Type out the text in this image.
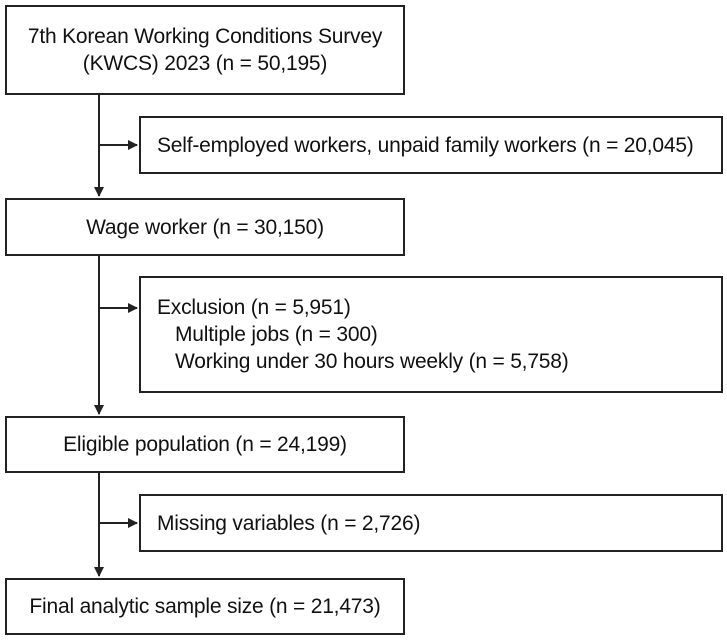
7th Korean Working Conditions Survey
(KWCS) 2023 (n = 50,195)
Self-employed workers, unpaid family workers (n = 20,045)
Wage worker (n = 30,150)
Exclusion (n = 5,951)
Multiple jobs (n = 300)
Working under 30 hours weekly (n = 5,758)
Eligible population (n = 24,199)
Missing variables (n = 2,726)
Final analytic sample size (n = 21,473)
